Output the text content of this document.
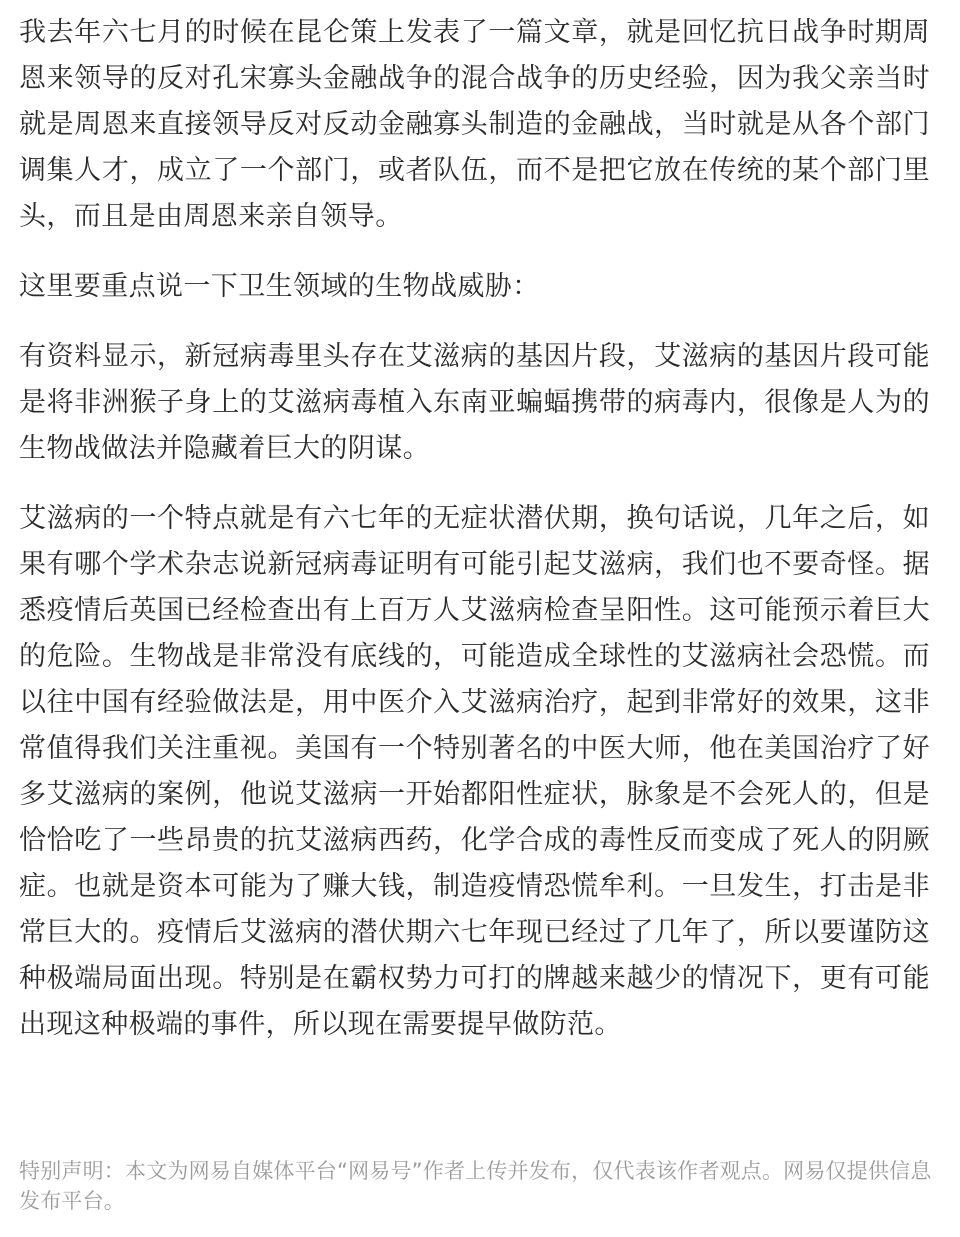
我去年六七月的时候在昆仑策上发表了一篇文章，就是回忆抗日战争时期周恩来领导的反对孔宋寡头金融战争的混合战争的历史经验，因为我父亲当时就是周恩来直接领导反对反动金融寡头制造的金融战，当时就是从各个部门调集人才，成立了一个部门，或者队伍，而不是把它放在传统的某个部门里头，而且是由周恩来亲自领导。

这里要重点说一下卫生领域的生物战威胁：

有资料显示，新冠病毒里头存在艾滋病的基因片段，艾滋病的基因片段可能是将非洲猴子身上的艾滋病毒植入东南亚蝙蝠携带的病毒内，很像是人为的生物战做法并隐藏着巨大的阴谋。

艾滋病的一个特点就是有六七年的无症状潜伏期，换句话说，几年之后，如果有哪个学术杂志说新冠病毒证明有可能引起艾滋病，我们也不要奇怪。据悉疫情后英国已经检查出有上百万人艾滋病检查呈阳性。这可能预示着巨大的危险。生物战是非常没有底线的，可能造成全球性的艾滋病社会恐慌。而以往中国有经验做法是，用中医介入艾滋病治疗，起到非常好的效果，这非常值得我们关注重视。美国有一个特别著名的中医大师，他在美国治疗了好多艾滋病的案例，他说艾滋病一开始都阳性症状，脉象是不会死人的，但是恰恰吃了一些昂贵的抗艾滋病西药，化学合成的毒性反而变成了死人的阴厥症。也就是资本可能为了赚大钱，制造疫情恐慌牟利。一旦发生，打击是非常巨大的。疫情后艾滋病的潜伏期六七年现已经过了几年了，所以要谨防这种极端局面出现。特别是在霸权势力可打的牌越来越少的情况下，更有可能出现这种极端的事件，所以现在需要提早做防范。

特别声明：本文为网易自媒体平台“网易号”作者上传并发布，仅代表该作者观点。网易仅提供信息发布平台。
